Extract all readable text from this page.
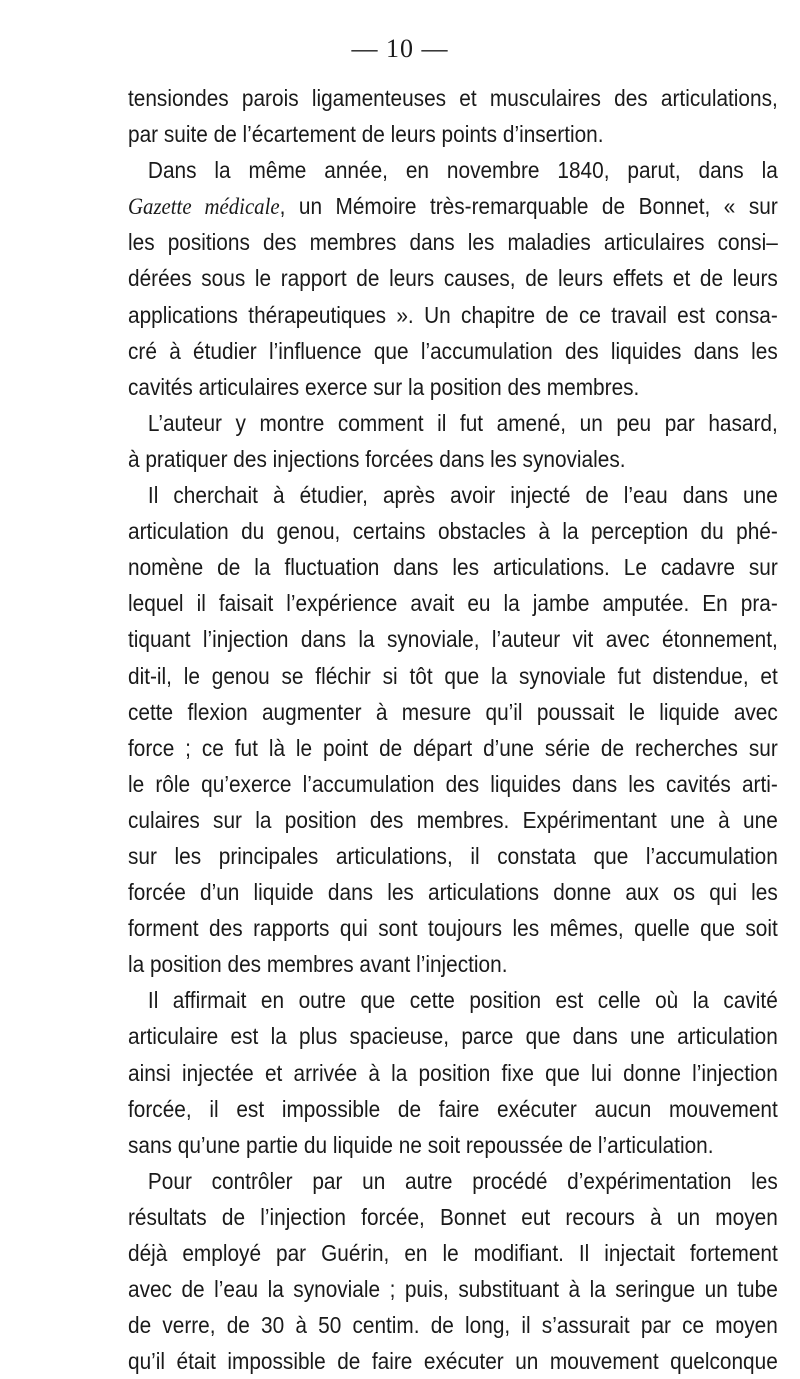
— 10 —
tensiondes parois ligamenteuses et musculaires des articulations,
par suite de l’écartement de leurs points d’insertion.
Dans la même année, en novembre 1840, parut, dans la
Gazette médicale, un Mémoire très-remarquable de Bonnet, « sur
les positions des membres dans les maladies articulaires consi–
dérées sous le rapport de leurs causes, de leurs effets et de leurs
applications thérapeutiques ». Un chapitre de ce travail est consa-
cré à étudier l’influence que l’accumulation des liquides dans les
cavités articulaires exerce sur la position des membres.
L’auteur y montre comment il fut amené, un peu par hasard,
à pratiquer des injections forcées dans les synoviales.
Il cherchait à étudier, après avoir injecté de l’eau dans une
articulation du genou, certains obstacles à la perception du phé-
nomène de la fluctuation dans les articulations. Le cadavre sur
lequel il faisait l’expérience avait eu la jambe amputée. En pra-
tiquant l’injection dans la synoviale, l’auteur vit avec étonnement,
dit-il, le genou se fléchir si tôt que la synoviale fut distendue, et
cette flexion augmenter à mesure qu’il poussait le liquide avec
force ; ce fut là le point de départ d’une série de recherches sur
le rôle qu’exerce l’accumulation des liquides dans les cavités arti-
culaires sur la position des membres. Expérimentant une à une
sur les principales articulations, il constata que l’accumulation
forcée d’un liquide dans les articulations donne aux os qui les
forment des rapports qui sont toujours les mêmes, quelle que soit
la position des membres avant l’injection.
Il affirmait en outre que cette position est celle où la cavité
articulaire est la plus spacieuse, parce que dans une articulation
ainsi injectée et arrivée à la position fixe que lui donne l’injection
forcée, il est impossible de faire exécuter aucun mouvement
sans qu’une partie du liquide ne soit repoussée de l’articulation.
Pour contrôler par un autre procédé d’expérimentation les
résultats de l’injection forcée, Bonnet eut recours à un moyen
déjà employé par Guérin, en le modifiant. Il injectait fortement
avec de l’eau la synoviale ; puis, substituant à la seringue un tube
de verre, de 30 à 50 centim. de long, il s’assurait par ce moyen
qu’il était impossible de faire exécuter un mouvement quelconque
